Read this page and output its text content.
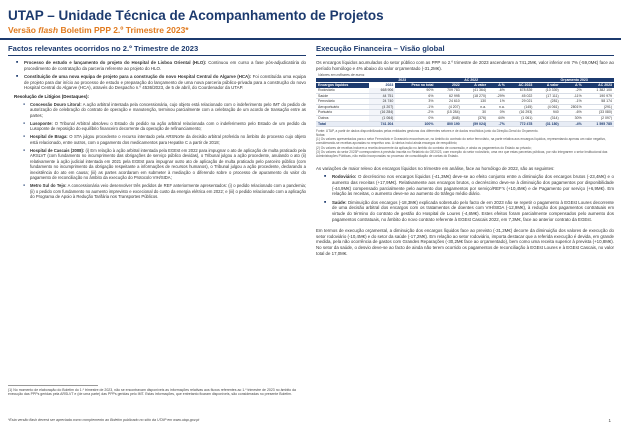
UTAP – Unidade Técnica de Acompanhamento de Projetos
Versão flash Boletim PPP 2.º Trimestre 2023*
Factos relevantes ocorridos no 2.º Trimestre de 2023
■ Processo de estudo e lançamento do projeto do Hospital de Lisboa Oriental (HLO): Continuou em curso a fase pós-adjudicatória do procedimento de contratação da parceria referente ao projeto do HLO.
■ Constituição de uma nova equipa de projeto para a construção do novo Hospital Central do Algarve (HCA): Foi constituída uma equipa de projeto para dar início ao processo de estudo e preparação do lançamento de uma nova parceria público-privada para a construção do novo Hospital Central do Algarve (HCA), através do Despacho n.º 4536/2023, de 5 de abril, do Coordenador da UTAP.
Resolução de Litígios (Destaques):
● Concessão Douro Litoral: A ação arbitral intentada pela concessionária, cujo objeto está relacionado com o indeferimento pelo IMT do pedido de autorização de celebração do contrato de operação e manutenção, terminou parcialmente com a celebração de um acordo de transação entre as partes;
● Lusoponte: O Tribunal Arbitral absolveu o Estado do pedido na ação arbitral relacionada com o indeferimento pelo Estado de um pedido da Lusoponte de reposição do equilíbrio financeiro decorrente da operação de refinanciamento;
● Hospital de Braga: O STA julgou procedente o recurso intentado pela ARSNorte da decisão arbitral proferida no âmbito do processo cujo objeto está relacionado, entre outros, com o pagamento dos medicamentos para Hepatite C a partir de 2018;
● Hospital de Cascais (2008): (i) Em relação à ação arbitral intentada pela EGEst em 2022 para impugnar o ato de aplicação de multa praticado pela ARSLVT (com fundamento no incumprimento das obrigações de serviço público devidas), o Tribunal julgou a ação procedente, anulando o ato (ii) relativamente à ação judicial intentada em 2021 pela EGEst para impugnar outro ato de aplicação de multa praticado pelo parceiro público (com fundamento no incumprimento da obrigação respeitante a informações de recursos humanos), o Tribunal julgou a ação procedente, declarando a inexistência do ato em causa; (iii) as partes acordaram em submeter à mediação o diferendo sobre o processo de apuramento do valor do pagamento de reconciliação no âmbito da execução do Protocolo VIH/SIDA;
● Metro Sul do Tejo: A concessionária veio desenvolver três pedidos de REF anteriormente apresentados: (i) o pedido relacionado com a pandemia; (ii) o pedido com fundamento no aumento imprevisto e excecional do custo da energia elétrica em 2022; e (iii) o pedido relacionado com a aplicação do Programa de Apoio à Redução Tarifária nos Transportes Públicos.
(1) No momento de elaboração do Boletim do 1.º trimestre de 2023, não se encontravam disponíveis as informações relativas aos fluxos referentes ao 1.º trimestre de 2023 no âmbito da execução das PPPs geridas pela ARSLVT e (de uma parte) das PPPs geridas pelo IMT. Estas informações, que entretanto ficaram disponíveis, são consideradas no presente Boletim.
*Esta versão flash deverá ser apreciada como complemento ao Boletim publicado no sítio da UTAP em www.utap.gov.pt	1
Execução Financeira – Visão global
Os encargos líquidos acumulados do setor público com as PPP no 2.º trimestre de 2023 ascenderam a 741,2M€, valor inferior em 7% (-59,0M€) face ao período homólogo e 4% abaixo do valor orçamentado (-31,2M€).
Valores em milhares de euros									
	2023		AC 2022				Orçamento 2023		
Encargos líquidos	2023	Peso no total	2022	Δ valor	Δ %	AC 2023	Δ valor	Δ %	AC 2023
Rodoviário	668 906	90%	709 783	(41 364)	-6%	678 839	(10 339)	-2%	1 382 100
Saúde	44 751	6%	62 995	(18 270)	-29%	45 022	(17 111)	-11%	190 979
Ferroviário	24 740	3%	24 610	130	1%	29 021	(281)	-1%	58 174
Aeroportuário	(4 207)	-1%	(4 207)	n.a.	n.a.	(145)	(4 061)	2801%	(291)
Portuário	(16 284)	-2%	(15 284)	30	0%	(16 293)	940	-6%	(33 080)
Outros	(1 064)	0%	(848)	(376)	44%	(1 061)	(314)	30%	(2 097)
Total	741 204	100%	800 190	(59 024)	-7%	772 478	(31 180)	-4%	1 595 785
Fonte: UTAP, a partir de dados disponibilizados pelas entidades gestoras dos diferentes setores e de dados recolhidos junto da Direção-Geral do Orçamento.
Notas:
(1) Os valores apresentados para o setor Ferroviário e Oceanário encontram-se, no âmbito do contrato do setor ferroviário, na parte relativa aos encargos líquidos, representando apenas um valor negativo, considerando-se receitas apuradas no respetivo ano. A rubrica inclui ainda encargos de reequilíbrio;
(2) Os valores de receitas incluem a receita decorrente da aplicação no âmbito do contrato de concessão, e ainda os pagamentos do Estado ao privado;
(3) Os valores do setor 2023P correspondem à previsão inscrita no Relatório do OE2023, com exceção do setor rodoviário, uma vez que estas parcerias públicas, por não integrarem o setor Institucional das Administrações Públicas, não estão incorporadas no processo de consolidação de contas do Estado.
As variações de maior relevo dos encargos líquidos no trimestre em análise, face ao homólogo de 2022, são as seguintes:
■ Rodoviário: O decréscimo nos encargos líquidos (-41,3M€) deve-se ao efeito conjunto entre a diminuição dos encargos brutos (-23,4M€) e o aumento das receitas (+17,9M€). Relativamente aos encargos brutos, o decréscimo deve-se à diminuição dos pagamentos por disponibilidade (-44,9M€) compensado parcialmente pelo aumento dos pagamentos por serviço/REF's (+10,4M€) e de Pagamento por serviço (+6,9M€). Em relação às receitas, o aumento deve-se ao aumento do tráfego médio diário.
■ Saúde: Diminuição dos encargos (-18,3M€) explicada sobretudo pelo facto de em 2023 não se repetir o pagamento à EGEst Loures decorrente de uma decisão arbitral dos encargos com os tratamentos de doentes com VIH/SIDA (-12,9M€), à redução dos pagamentos contratuais em virtude do término do contrato de gestão do Hospital de Loures (-4,6M€). Estes efeitos foram parcialmente compensados pelo aumento dos pagamentos contratuais, no âmbito do novo contrato referente à EGEst Cascais 2022, em 7,3M€, face ao anterior contrato da EGEst.
Em termos de execução orçamental, a diminuição dos encargos líquidos face ao previsto (-31,2M€) decorre da diminuição dos valores de execução do setor rodoviário (-10,4M€) e do setor da saúde (-17,2M€). Em relação ao setor rodoviário, importa destacar que a referida execução é devida, em grande medida, pela não ocorrência de gastos com Grandes Reparações (-30,2M€ face ao orçamentado), bem como uma receita superior à prevista (+10,8M€). No setor da saúde, o desvio deve-se ao facto de ainda não terem ocorrido os pagamentos de reconciliação à EGEst Loures e à EGEst Cascais, no valor total de 17,0M€.
